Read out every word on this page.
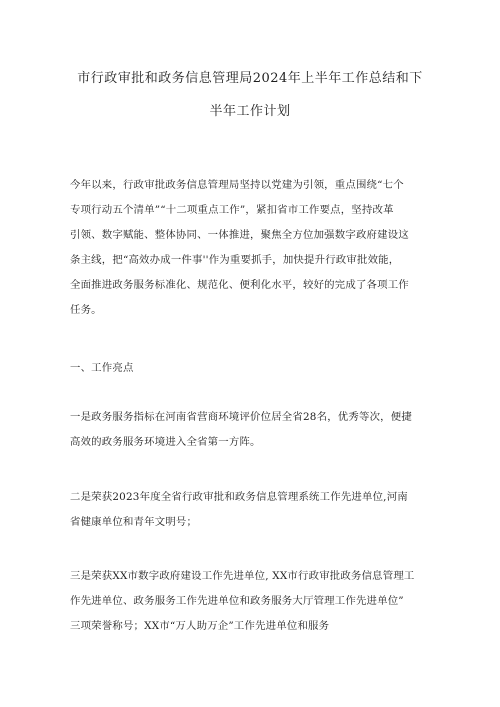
市行政审批和政务信息管理局2024年上半年工作总结和下
半年工作计划
今年以来，行政审批政务信息管理局坚持以党建为引领，重点围绕“七个
专项行动五个清单”“十二项重点工作”，紧扣省市工作要点，坚持改革
引领、数字赋能、整体协同、一体推进，聚焦全方位加强数字政府建设这
条主线，把“高效办成一件事''作为重要抓手，加快提升行政审批效能，
全面推进政务服务标准化、规范化、便利化水平，较好的完成了各项工作
任务。
一、工作亮点
一是政务服务指标在河南省营商环境评价位居全省28名，优秀等次，便捷
高效的政务服务环境进入全省第一方阵。
二是荣获2023年度全省行政审批和政务信息管理系统工作先进单位,河南
省健康单位和青年文明号；
三是荣获XX市数字政府建设工作先进单位, XX市行政审批政务信息管理工
作先进单位、政务服务工作先进单位和政务服务大厅管理工作先进单位”
三项荣誉称号；XX市“万人助万企”工作先进单位和服务
